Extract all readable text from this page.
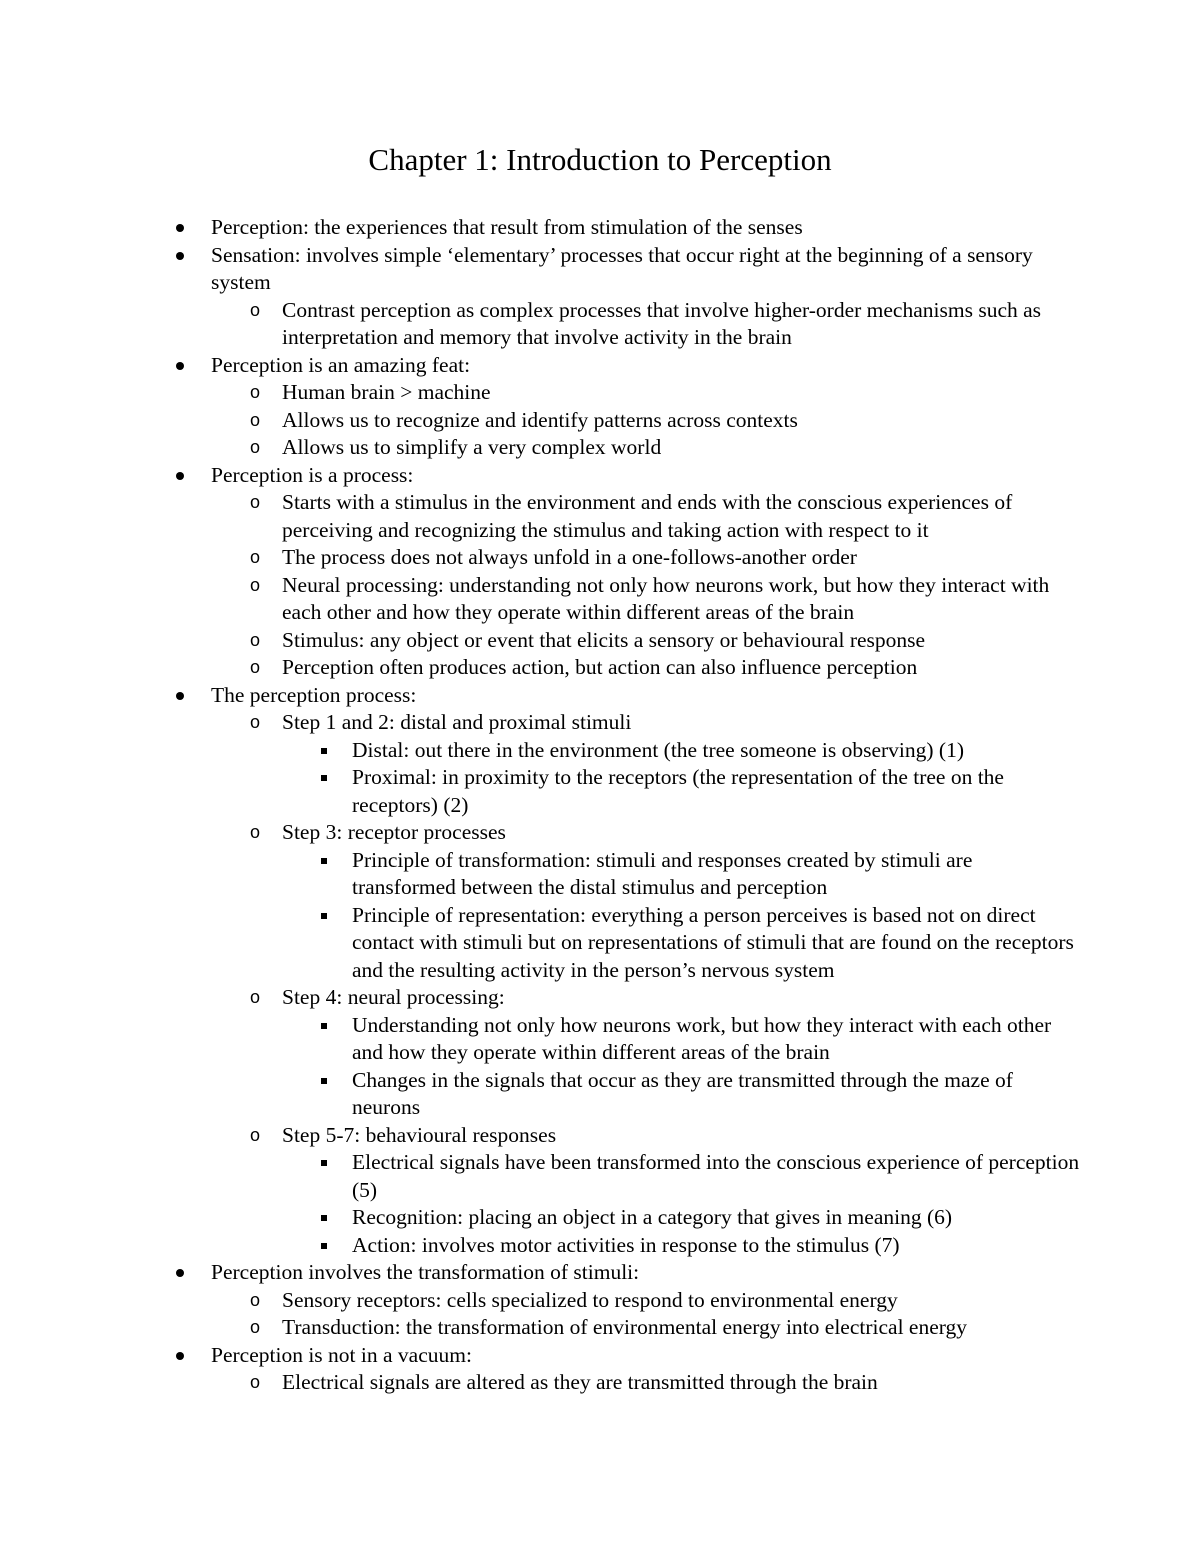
Chapter 1: Introduction to Perception
Perception: the experiences that result from stimulation of the senses
Sensation: involves simple ‘elementary’ processes that occur right at the beginning of a sensory system
o Contrast perception as complex processes that involve higher-order mechanisms such as interpretation and memory that involve activity in the brain
Perception is an amazing feat:
o Human brain > machine
o Allows us to recognize and identify patterns across contexts
o Allows us to simplify a very complex world
Perception is a process:
o Starts with a stimulus in the environment and ends with the conscious experiences of perceiving and recognizing the stimulus and taking action with respect to it
o The process does not always unfold in a one-follows-another order
o Neural processing: understanding not only how neurons work, but how they interact with each other and how they operate within different areas of the brain
o Stimulus: any object or event that elicits a sensory or behavioural response
o Perception often produces action, but action can also influence perception
The perception process:
o Step 1 and 2: distal and proximal stimuli
Distal: out there in the environment (the tree someone is observing) (1)
Proximal: in proximity to the receptors (the representation of the tree on the receptors) (2)
o Step 3: receptor processes
Principle of transformation: stimuli and responses created by stimuli are transformed between the distal stimulus and perception
Principle of representation: everything a person perceives is based not on direct contact with stimuli but on representations of stimuli that are found on the receptors and the resulting activity in the person’s nervous system
o Step 4: neural processing:
Understanding not only how neurons work, but how they interact with each other and how they operate within different areas of the brain
Changes in the signals that occur as they are transmitted through the maze of neurons
o Step 5-7: behavioural responses
Electrical signals have been transformed into the conscious experience of perception (5)
Recognition: placing an object in a category that gives in meaning (6)
Action: involves motor activities in response to the stimulus (7)
Perception involves the transformation of stimuli:
o Sensory receptors: cells specialized to respond to environmental energy
o Transduction: the transformation of environmental energy into electrical energy
Perception is not in a vacuum:
o Electrical signals are altered as they are transmitted through the brain
